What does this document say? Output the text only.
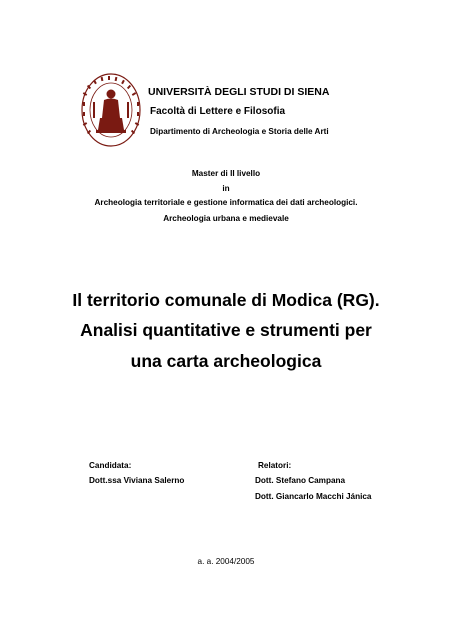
UNIVERSITÀ DEGLI STUDI DI SIENA
Facoltà di Lettere e Filosofia
Dipartimento di Archeologia e Storia delle Arti
Master di II livello
in
Archeologia territoriale e gestione informatica dei dati archeologici.
Archeologia urbana e medievale
Il territorio comunale di Modica (RG).
Analisi quantitative e strumenti per
una carta archeologica
Candidata:
Dott.ssa Viviana Salerno
Relatori:
Dott. Stefano Campana
Dott. Giancarlo Macchi Jánica
a. a. 2004/2005
